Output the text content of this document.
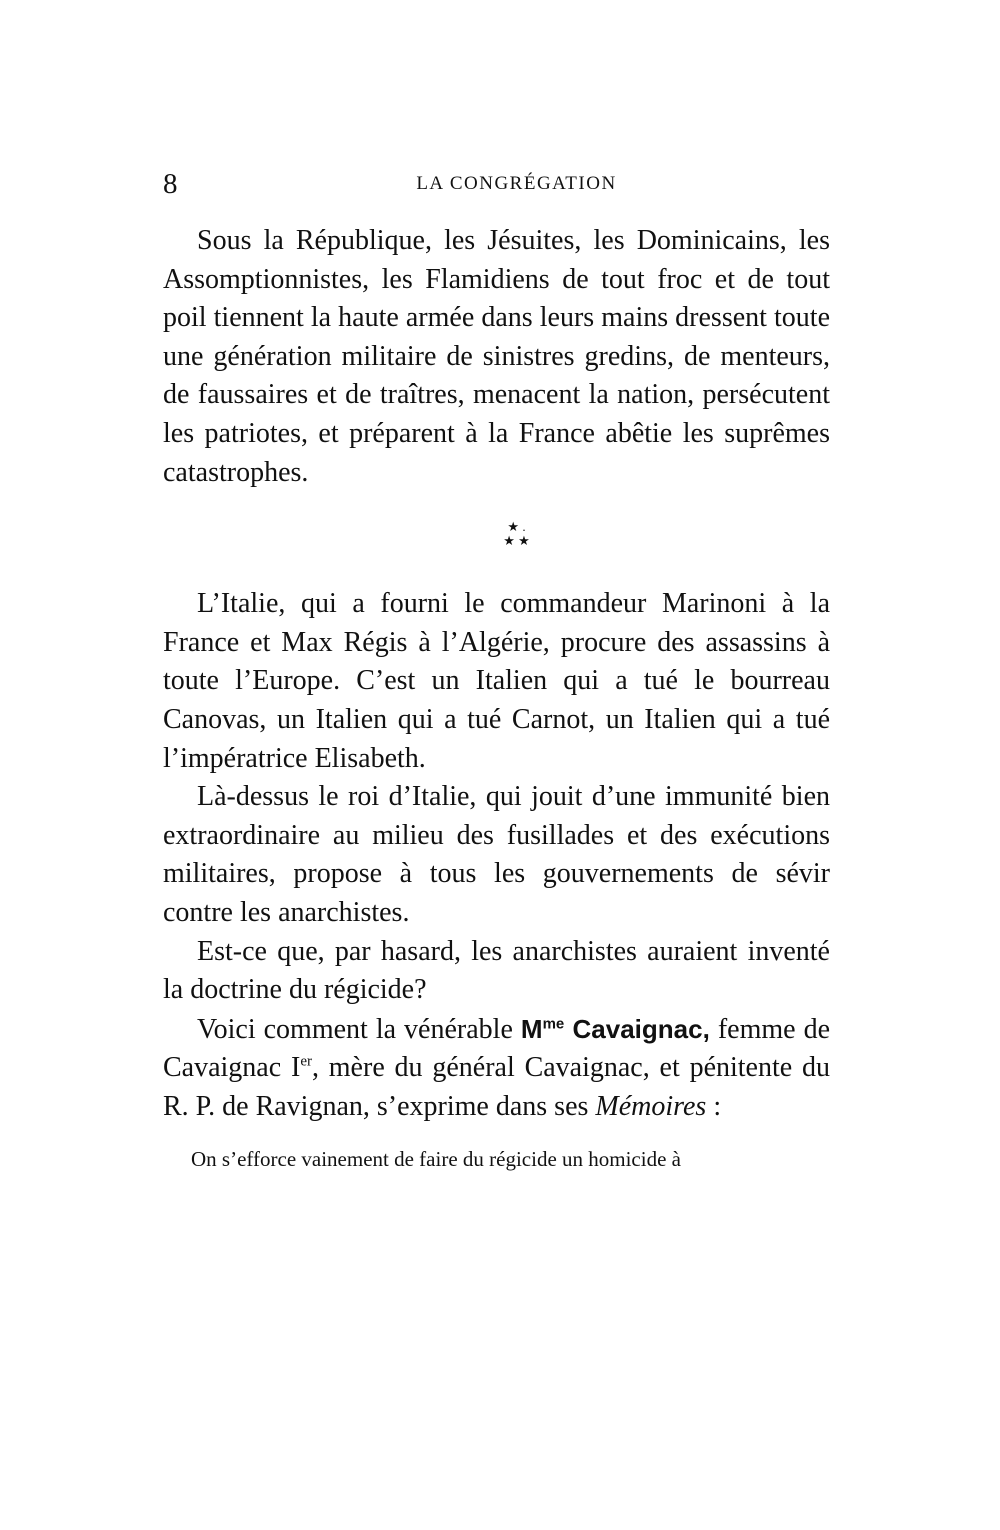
8	LA CONGRÉGATION

Sous la République, les Jésuites, les Dominicains, les Assomptionnistes, les Flamidiens de tout froc et de tout poil tiennent la haute armée dans leurs mains dressent toute une génération militaire de sinistres gredins, de menteurs, de faussaires et de traîtres, menacent la nation, persécutent les patriotes, et préparent à la France abêtie les suprêmes catastrophes.

★ .
★ ★

L’Italie, qui a fourni le commandeur Marinoni à la France et Max Régis à l’Algérie, procure des assassins à toute l’Europe. C’est un Italien qui a tué le bourreau Canovas, un Italien qui a tué Carnot, un Italien qui a tué l’impératrice Elisabeth.

Là-dessus le roi d’Italie, qui jouit d’une immunité bien extraordinaire au milieu des fusillades et des exécutions militaires, propose à tous les gouvernements de sévir contre les anarchistes.

Est-ce que, par hasard, les anarchistes auraient inventé la doctrine du régicide?

Voici comment la vénérable $M^{me}$ Cavaignac, femme de Cavaignac Ier, mère du général Cavaignac, et pénitente du R. P. de Ravignan, s’exprime dans ses Mémoires :

On s’efforce vainement de faire du régicide un homicide à
